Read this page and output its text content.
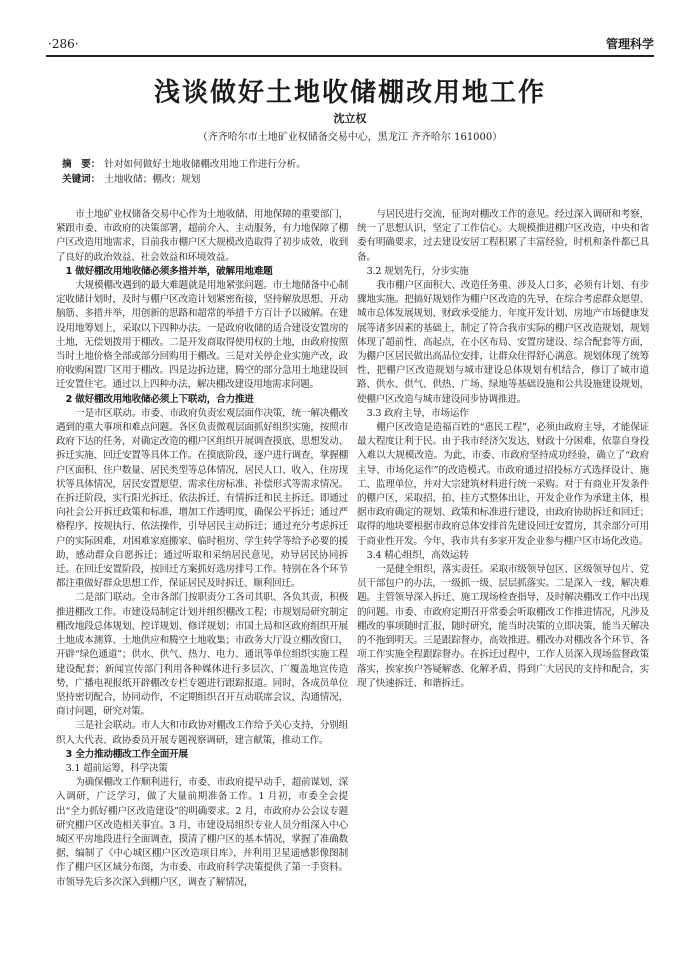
·286·	管理科学
浅谈做好土地收储棚改用地工作
沈立权
（齐齐哈尔市土地矿业权储备交易中心，黑龙江 齐齐哈尔 161000）
摘　要： 针对如何做好土地收储棚改用地工作进行分析。
关键词： 土地收储；棚改；规划

市土地矿业权储备交易中心作为土地收储、用地保障的重要部门，紧跟市委、市政府的决策部署，超前介入、主动服务，有力地保障了棚户区改造用地需求，目前我市棚户区大规模改造取得了初步成效，收到了良好的政治效益、社会效益和环境效益。

1 做好棚改用地收储必须多措并举，破解用地难题

大规模棚改遇到的最大难题就是用地紧张问题。市土地储备中心制定收储计划时，及时与棚户区改造计划紧密衔接，坚持解放思想、开动脑筋、多措并举，用创新的思路和超常的举措千方百计予以破解。在建设用地筹划上，采取以下四种办法。一是政府收储的适合建设安置房的土地，无偿划拨用于棚改。二是开发商取得使用权的土地，由政府按照当时土地价格全部或部分回购用于棚改。三是对关停企业实施产改，政府收购闲置厂区用于棚改。四是边拆边建，腾空的部分急用土地建设回迁安置住宅。通过以上四种办法，解决棚改建设用地需求问题。

2 做好棚改用地收储必须上下联动，合力推进

一是市区联动。市委、市政府负责宏观层面作决策，统一解决棚改遇到的重大事项和难点问题。各区负责微观层面抓好组织实施，按照市政府下达的任务，对确定改造的棚户区组织开展调查摸底、思想发动、拆迁实施、回迁安置等具体工作。在摸底阶段，逐户进行调查，掌握棚户区面积、住户数量、居民类型等总体情况，居民人口、收入、住房现状等具体情况，居民安置愿望、需求住房标准、补偿形式等需求情况。在拆迁阶段，实行阳光拆迁、依法拆迁、有情拆迁和民主拆迁。即通过向社会公开拆迁政策和标准，增加工作透明度，确保公平拆迁；通过严格程序、按规执行、依法操作，引导居民主动拆迁；通过充分考虑拆迁户的实际困难，对困难家庭搬家、临时租房、学生转学等给予必要的援助，感动群众自愿拆迁；通过听取和采纳居民意见，劝导居民协同拆迁。在回迁安置阶段，按回迁方案抓好选房排号工作。特别在各个环节都注重做好群众思想工作，保证居民及时拆迁、顺利回迁。

二是部门联动。全市各部门按职责分工各司其职、各负其责，积极推进棚改工作。市建设局制定计划并组织棚改工程；市规划局研究制定棚改地段总体规划、控详规划、修详规划；市国土局和区政府组织开展土地成本测算、土地供应和腾空土地收集；市政务大厅设立棚改窗口，开辟“绿色通道”；供水、供气、热力、电力、通讯等单位组织实施工程建设配套；新闻宣传部门利用各种媒体进行多层次、广覆盖地宣传造势，广播电视报纸开辟棚改专栏专题进行跟踪报道。同时，各成员单位坚持密切配合，协同动作，不定期组织召开互动联席会议，沟通情况，商讨问题，研究对策。

三是社会联动。市人大和市政协对棚改工作给予关心支持，分别组织人大代表、政协委员开展专题视察调研，建言献策，推动工作。

3 全力推动棚改工作全面开展

3.1 超前运筹，科学决策

为确保棚改工作顺利进行，市委、市政府提早动手，超前谋划，深入调研，广泛学习，做了大量前期准备工作。1 月初，市委全会提出“全力抓好棚户区改造建设”的明确要求。2 月，市政府办公会议专题研究棚户区改造相关事宜。3 月，市建设局组织专业人员分组深入中心城区平房地段进行全面调查，摸清了棚户区的基本情况，掌握了准确数据，编制了《中心城区棚户区改造项目库》，并利用卫星遥感影像图制作了棚户区区域分布图，为市委、市政府科学决策提供了第一手资料。市领导先后多次深入到棚户区，调查了解情况，

与居民进行交流，征询对棚改工作的意见。经过深入调研和考察，统一了思想认识，坚定了工作信心。大规模推进棚户区改造，中央和省委有明确要求，过去建设安居工程积累了丰富经验，时机和条件都已具备。

3.2 规划先行，分步实施

我市棚户区面积大、改造任务重、涉及人口多，必须有计划、有步骤地实施。把搞好规划作为棚户区改造的先导，在综合考虑群众愿望、城市总体发展规划、财政承受能力、年度开发计划、房地产市场健康发展等诸多因素的基础上，制定了符合我市实际的棚户区改造规划，规划体现了超前性、高起点，在小区布局、安置房建设、综合配套等方面，为棚户区居民做出高品位安排，让群众住得舒心满意。规划体现了统筹性，把棚户区改造规划与城市建设总体规划有机结合，修订了城市道路、供水、供气、供热、广场、绿地等基础设施和公共设施建设规划，使棚户区改造与城市建设同步协调推进。

3.3 政府主导，市场运作

棚户区改造是造福百姓的“惠民工程”，必须由政府主导，才能保证最大程度让利于民。由于我市经济欠发达，财政十分困难，依靠自身投入难以大规模改造。为此，市委、市政府坚持成功经验，确立了“政府主导、市场化运作”的改造模式。市政府通过招投标方式选择设计、施工、监理单位，并对大宗建筑材料进行统一采购。对于有商业开发条件的棚户区，采取招、拍、挂方式整体出让，开发企业作为承建主体，根据市政府确定的规划、政策和标准进行建设，由政府协助拆迁和回迁；取得的地块要根据市政府总体安排首先建设回迁安置房，其余部分可用于商业性开发。今年，我市共有多家开发企业参与棚户区市场化改造。

3.4 精心组织，高效运转

一是健全组织，落实责任。采取市级领导包区、区级领导包片、党员干部包户的办法，一级抓一级、层层抓落实。二是深入一线，解决难题。主管领导深入拆迁、施工现场检查指导，及时解决棚改工作中出现的问题。市委、市政府定期召开常委会听取棚改工作推进情况，凡涉及棚改的事项随时汇报，随时研究，能当时决策的立即决策，能当天解决的不拖到明天。三是跟踪督办，高效推进。棚改办对棚改各个环节、各项工作实施全程跟踪督办。在拆迁过程中，工作人员深入现场监督政策落实，挨家挨户答疑解惑、化解矛盾，得到广大居民的支持和配合，实现了快速拆迁、和谐拆迁。
